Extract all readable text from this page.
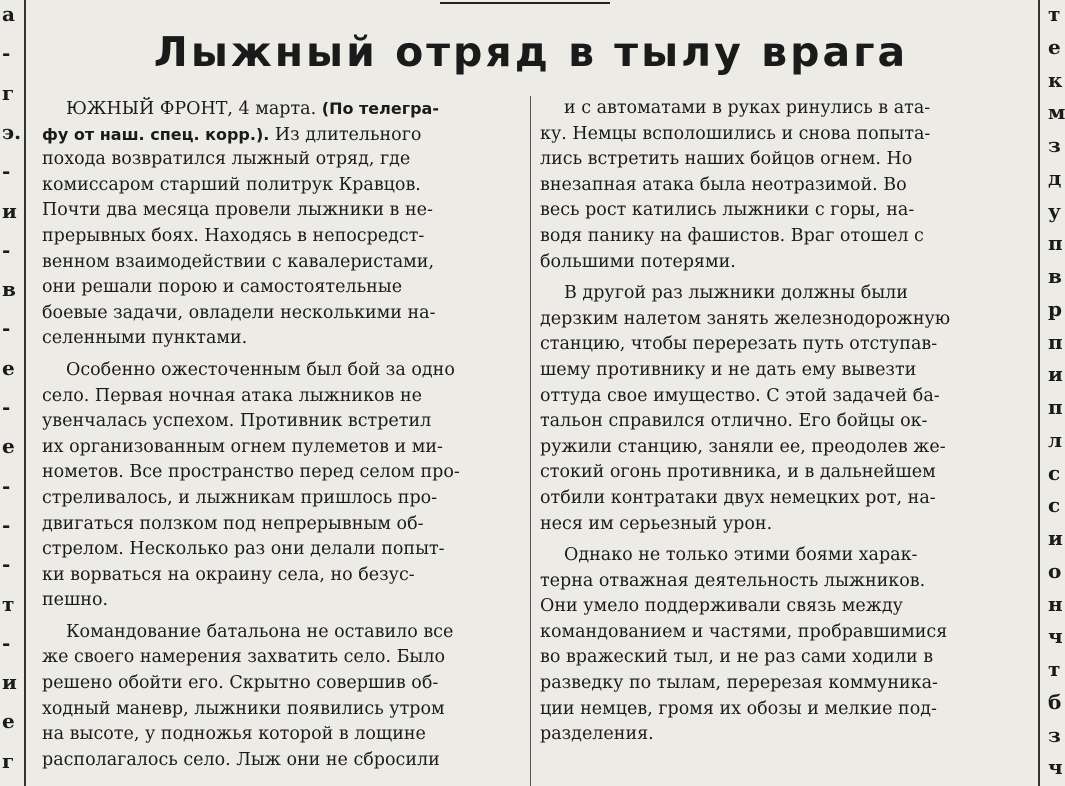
а
-
г
э.
-
и
-
в
-
е
-
е
-
-
-
т
-
и
е
г
т
е
к
м
з
д
у
п
в
р
п
и
п
л
с
с
и
о
н
ч
т
б
з
ч
Лыжный отряд в тылу врага
ЮЖНЫЙ ФРОНТ, 4 марта. (По телегра-
фу от наш. спец. корр.). Из длительного
похода возвратился лыжный отряд, где
комиссаром старший политрук Кравцов.
Почти два месяца провели лыжники в не-
прерывных боях. Находясь в непосредст-
венном взаимодействии с кавалеристами,
они решали порою и самостоятельные
боевые задачи, овладели несколькими на-
селенными пунктами.
Особенно ожесточенным был бой за одно
село. Первая ночная атака лыжников не
увенчалась успехом. Противник встретил
их организованным огнем пулеметов и ми-
нометов. Все пространство перед селом про-
стреливалось, и лыжникам пришлось про-
двигаться ползком под непрерывным об-
стрелом. Несколько раз они делали попыт-
ки ворваться на окраину села, но безус-
пешно.
Командование батальона не оставило все
же своего намерения захватить село. Было
решено обойти его. Скрытно совершив об-
ходный маневр, лыжники появились утром
на высоте, у подножья которой в лощине
располагалось село. Лыж они не сбросили
и с автоматами в руках ринулись в ата-
ку. Немцы всполошились и снова попыта-
лись встретить наших бойцов огнем. Но
внезапная атака была неотразимой. Во
весь рост катились лыжники с горы, на-
водя панику на фашистов. Враг отошел с
большими потерями.
В другой раз лыжники должны были
дерзким налетом занять железнодорожную
станцию, чтобы перерезать путь отступав-
шему противнику и не дать ему вывезти
оттуда свое имущество. С этой задачей ба-
тальон справился отлично. Его бойцы ок-
ружили станцию, заняли ее, преодолев же-
стокий огонь противника, и в дальнейшем
отбили контратаки двух немецких рот, на-
неся им серьезный урон.
Однако не только этими боями харак-
терна отважная деятельность лыжников.
Они умело поддерживали связь между
командованием и частями, пробравшимися
во вражеский тыл, и не раз сами ходили в
разведку по тылам, перерезая коммуника-
ции немцев, громя их обозы и мелкие под-
разделения.
